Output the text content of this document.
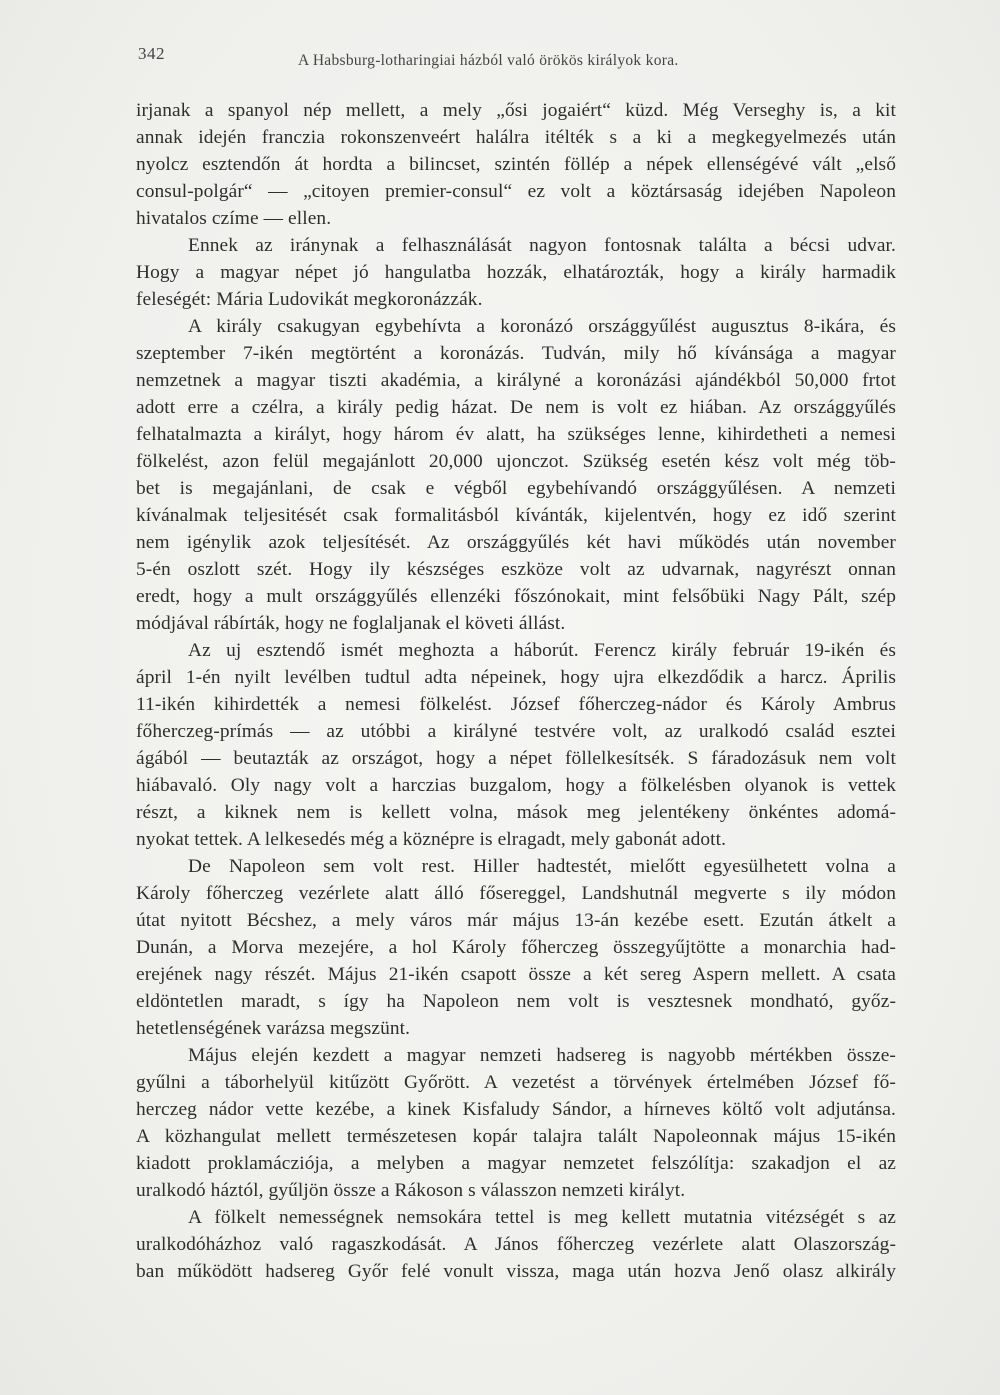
342	A Habsburg-lotharingiai házból való örökös királyok kora.
irjanak a spanyol nép mellett, a mely „ősi jogaiért“ küzd. Még Verseghy is, a kit
annak idején franczia rokonszenveért halálra itélték s a ki a megkegyelmezés után
nyolcz esztendőn át hordta a bilincset, szintén föllép a népek ellenségévé vált „első
consul-polgár“ — „citoyen premier-consul“ ez volt a köztársaság idejében Napoleon
hivatalos czíme — ellen.
Ennek az iránynak a felhasználását nagyon fontosnak találta a bécsi udvar.
Hogy a magyar népet jó hangulatba hozzák, elhatározták, hogy a király harmadik
feleségét: Mária Ludovikát megkoronázzák.
A király csakugyan egybehívta a koronázó országgyűlést augusztus 8-ikára, és
szeptember 7-ikén megtörtént a koronázás. Tudván, mily hő kívánsága a magyar
nemzetnek a magyar tiszti akadémia, a királyné a koronázási ajándékból 50,000 frtot
adott erre a czélra, a király pedig házat. De nem is volt ez hiában. Az országgyűlés
felhatalmazta a királyt, hogy három év alatt, ha szükséges lenne, kihirdetheti a nemesi
fölkelést, azon felül megajánlott 20,000 ujonczot. Szükség esetén kész volt még töb-
bet is megajánlani, de csak e végből egybehívandó országgyűlésen. A nemzeti
kívánalmak teljesitését csak formalitásból kívánták, kijelentvén, hogy ez idő szerint
nem igénylik azok teljesítését. Az országgyűlés két havi működés után november
5-én oszlott szét. Hogy ily készséges eszköze volt az udvarnak, nagyrészt onnan
eredt, hogy a mult országgyűlés ellenzéki főszónokait, mint felsőbüki Nagy Pált, szép
módjával rábírták, hogy ne foglaljanak el követi állást.
Az uj esztendő ismét meghozta a háborút. Ferencz király február 19-ikén és
ápril 1-én nyilt levélben tudtul adta népeinek, hogy ujra elkezdődik a harcz. Április
11-ikén kihirdették a nemesi fölkelést. József főherczeg-nádor és Károly Ambrus
főherczeg-prímás — az utóbbi a királyné testvére volt, az uralkodó család esztei
ágából — beutazták az országot, hogy a népet föllelkesítsék. S fáradozásuk nem volt
hiábavaló. Oly nagy volt a harczias buzgalom, hogy a fölkelésben olyanok is vettek
részt, a kiknek nem is kellett volna, mások meg jelentékeny önkéntes adomá-
nyokat tettek. A lelkesedés még a köznépre is elragadt, mely gabonát adott.
De Napoleon sem volt rest. Hiller hadtestét, mielőtt egyesülhetett volna a
Károly főherczeg vezérlete alatt álló fősereggel, Landshutnál megverte s ily módon
útat nyitott Bécshez, a mely város már május 13-án kezébe esett. Ezután átkelt a
Dunán, a Morva mezejére, a hol Károly főherczeg összegyűjtötte a monarchia had-
erejének nagy részét. Május 21-ikén csapott össze a két sereg Aspern mellett. A csata
eldöntetlen maradt, s így ha Napoleon nem volt is vesztesnek mondható, győz-
hetetlenségének varázsa megszünt.
Május elején kezdett a magyar nemzeti hadsereg is nagyobb mértékben össze-
gyűlni a táborhelyül kitűzött Győrött. A vezetést a törvények értelmében József fő-
herczeg nádor vette kezébe, a kinek Kisfaludy Sándor, a hírneves költő volt adjutánsa.
A közhangulat mellett természetesen kopár talajra talált Napoleonnak május 15-ikén
kiadott proklamácziója, a melyben a magyar nemzetet felszólítja: szakadjon el az
uralkodó háztól, gyűljön össze a Rákoson s válasszon nemzeti királyt.
A fölkelt nemességnek nemsokára tettel is meg kellett mutatnia vitézségét s az
uralkodóházhoz való ragaszkodását. A János főherczeg vezérlete alatt Olaszország-
ban működött hadsereg Győr felé vonult vissza, maga után hozva Jenő olasz alkirály
